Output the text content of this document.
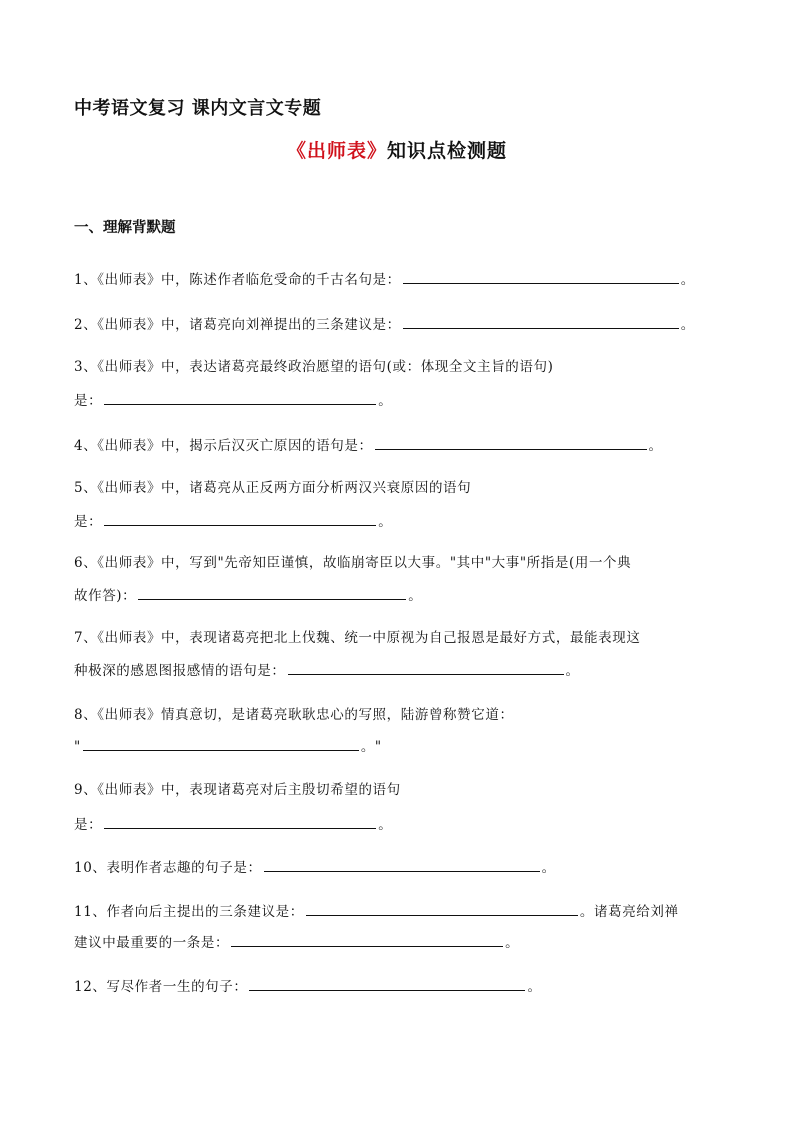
中考语文复习 课内文言文专题
《出师表》知识点检测题
一、理解背默题
1、《出师表》中，陈述作者临危受命的千古名句是：	。
2、《出师表》中，诸葛亮向刘禅提出的三条建议是：	。
3、《出师表》中，表达诸葛亮最终政治愿望的语句(或：体现全文主旨的语句)
是：	。
4、《出师表》中，揭示后汉灭亡原因的语句是：	。
5、《出师表》中，诸葛亮从正反两方面分析两汉兴衰原因的语句
是：	。
6、《出师表》中，写到"先帝知臣谨慎，故临崩寄臣以大事。"其中"大事"所指是(用一个典
故作答)：	。
7、《出师表》中，表现诸葛亮把北上伐魏、统一中原视为自己报恩是最好方式，最能表现这
种极深的感恩图报感情的语句是：	。
8、《出师表》情真意切，是诸葛亮耿耿忠心的写照，陆游曾称赞它道：
"	。"
9、《出师表》中，表现诸葛亮对后主殷切希望的语句
是：	。
10、表明作者志趣的句子是：	。
11、作者向后主提出的三条建议是：	。诸葛亮给刘禅
建议中最重要的一条是：	。
12、写尽作者一生的句子：	。
